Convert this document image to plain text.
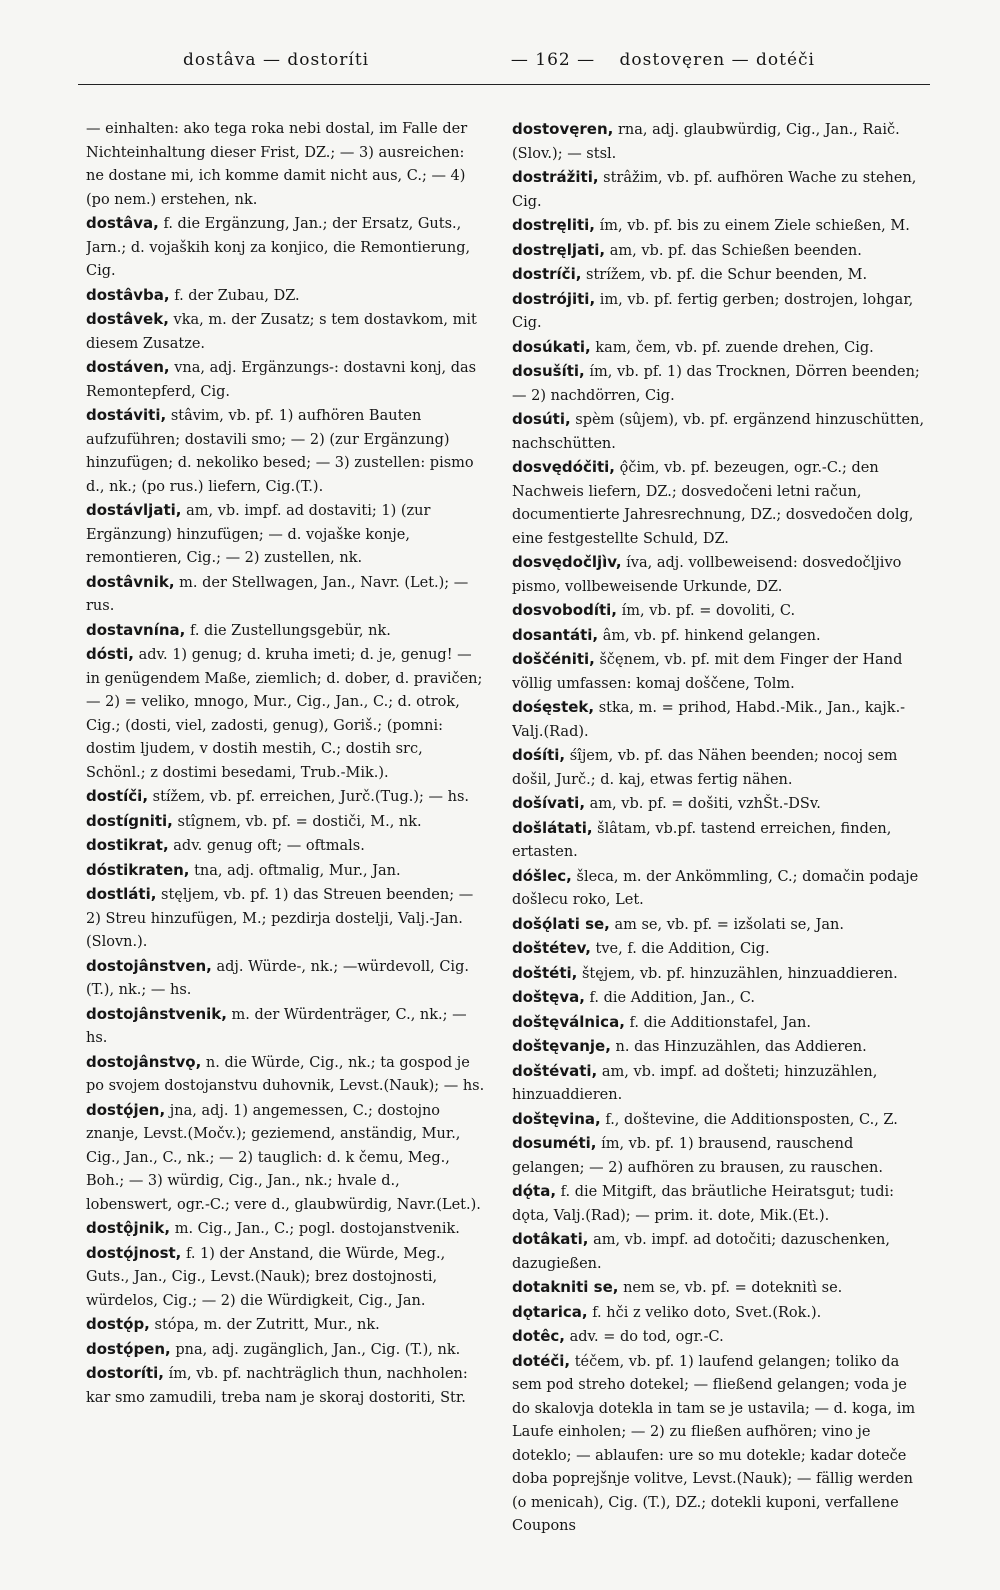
dostâva — dostoríti	— 162 —	dostovęren — dotéči

— einhalten: ako tega roka nebi dostal, im Falle der Nichteinhaltung dieser Frist, DZ.; — 3) ausreichen: ne dostane mi, ich komme damit nicht aus, C.; — 4) (po nem.) erstehen, nk.

dostâva, f. die Ergänzung, Jan.; der Ersatz, Guts., Jarn.; d. vojaških konj za konjico, die Remontierung, Cig.

dostâvba, f. der Zubau, DZ.

dostâvek, vka, m. der Zusatz; s tem dostavkom, mit diesem Zusatze.

dostáven, vna, adj. Ergänzungs-: dostavni konj, das Remontepferd, Cig.

dostáviti, stâvim, vb. pf. 1) aufhören Bauten aufzuführen; dostavili smo; — 2) (zur Ergänzung) hinzufügen; d. nekoliko besed; — 3) zustellen: pismo d., nk.; (po rus.) liefern, Cig.(T.).

dostávljati, am, vb. impf. ad dostaviti; 1) (zur Ergänzung) hinzufügen; — d. vojaške konje, remontieren, Cig.; — 2) zustellen, nk.

dostâvnik, m. der Stellwagen, Jan., Navr. (Let.); — rus.

dostavnína, f. die Zustellungsgebür, nk.

dósti, adv. 1) genug; d. kruha imeti; d. je, genug! — in genügendem Maße, ziemlich; d. dober, d. pravičen; — 2) = veliko, mnogo, Mur., Cig., Jan., C.; d. otrok, Cig.; (dosti, viel, zadosti, genug), Goriš.; (pomni: dostim ljudem, v dostih mestih, C.; dostih src, Schönl.; z dostimi besedami, Trub.-Mik.).

dostíči, stížem, vb. pf. erreichen, Jurč.(Tug.); — hs.

dostígniti, stîgnem, vb. pf. = dostiči, M., nk.

dostikrat, adv. genug oft; — oftmals.

dóstikraten, tna, adj. oftmalig, Mur., Jan.

dostláti, stęljem, vb. pf. 1) das Streuen beenden; — 2) Streu hinzufügen, M.; pezdirja dostelji, Valj.-Jan.(Slovn.).

dostojânstven, adj. Würde-, nk.; —würdevoll, Cig.(T.), nk.; — hs.

dostojânstvenik, m. der Würdenträger, C., nk.; — hs.

dostojânstvǫ, n. die Würde, Cig., nk.; ta gospod je po svojem dostojanstvu duhovnik, Levst.(Nauk); — hs.

dostǫ́jen, jna, adj. 1) angemessen, C.; dostojno znanje, Levst.(Močv.); geziemend, anständig, Mur., Cig., Jan., C., nk.; — 2) tauglich: d. k čemu, Meg., Boh.; — 3) würdig, Cig., Jan., nk.; hvale d., lobenswert, ogr.-C.; vere d., glaubwürdig, Navr.(Let.).

dostǫ̂jnik, m. Cig., Jan., C.; pogl. dostojanstvenik.

dostǫ́jnost, f. 1) der Anstand, die Würde, Meg., Guts., Jan., Cig., Levst.(Nauk); brez dostojnosti, würdelos, Cig.; — 2) die Würdigkeit, Cig., Jan.

dostǫ́p, stópa, m. der Zutritt, Mur., nk.

dostǫ́pen, pna, adj. zugänglich, Jan., Cig. (T.), nk.

dostoríti, ím, vb. pf. nachträglich thun, nachholen: kar smo zamudili, treba nam je skoraj dostoriti, Str.

dostovęren, rna, adj. glaubwürdig, Cig., Jan., Raič.(Slov.); — stsl.

dostrážiti, strâžim, vb. pf. aufhören Wache zu stehen, Cig.

dostręliti, ím, vb. pf. bis zu einem Ziele schießen, M.

dostręljati, am, vb. pf. das Schießen beenden.

dostríči, strížem, vb. pf. die Schur beenden, M.

dostrójiti, im, vb. pf. fertig gerben; dostrojen, lohgar, Cig.

dosúkati, kam, čem, vb. pf. zuende drehen, Cig.

dosušíti, ím, vb. pf. 1) das Trocknen, Dörren beenden; — 2) nachdörren, Cig.

dosúti, spèm (sûjem), vb. pf. ergänzend hinzuschütten, nachschütten.

dosvędóčiti, ǫ̂čim, vb. pf. bezeugen, ogr.-C.; den Nachweis liefern, DZ.; dosvedočeni letni račun, documentierte Jahresrechnung, DZ.; dosvedočen dolg, eine festgestellte Schuld, DZ.

dosvędočljìv, íva, adj. vollbeweisend: dosvedočljivo pismo, vollbeweisende Urkunde, DZ.

dosvobodíti, ím, vb. pf. = dovoliti, C.

dosantáti, âm, vb. pf. hinkend gelangen.

doščéniti, ščęnem, vb. pf. mit dem Finger der Hand völlig umfassen: komaj doščene, Tolm.

dośęstek, stka, m. = prihod, Habd.-Mik., Jan., kajk.-Valj.(Rad).

dośíti, śîjem, vb. pf. das Nähen beenden; nocoj sem došil, Jurč.; d. kaj, etwas fertig nähen.

došívati, am, vb. pf. = došiti, vzhŠt.-DSv.

došlátati, šlâtam, vb.pf. tastend erreichen, finden, ertasten.

dóšlec, šleca, m. der Ankömmling, C.; domačin podaje došlecu roko, Let.

došǫ́lati se, am se, vb. pf. = izšolati se, Jan.

doštétev, tve, f. die Addition, Cig.

doštéti, štęjem, vb. pf. hinzuzählen, hinzuaddieren.

doštęva, f. die Addition, Jan., C.

doštęválnica, f. die Additionstafel, Jan.

doštęvanje, n. das Hinzuzählen, das Addieren.

doštévati, am, vb. impf. ad došteti; hinzuzählen, hinzuaddieren.

doštęvina, f., doštevine, die Additionsposten, C., Z.

dosuméti, ím, vb. pf. 1) brausend, rauschend gelangen; — 2) aufhören zu brausen, zu rauschen.

dǫ́ta, f. die Mitgift, das bräutliche Heiratsgut; tudi: dǫta, Valj.(Rad); — prim. it. dote, Mik.(Et.).

dotâkati, am, vb. impf. ad dotočiti; dazuschenken, dazugießen.

dotakniti se, nem se, vb. pf. = doteknitì se.

dǫtarica, f. hči z veliko doto, Svet.(Rok.).

dotêc, adv. = do tod, ogr.-C.

dotéči, téčem, vb. pf. 1) laufend gelangen; toliko da sem pod streho dotekel; — fließend gelangen; voda je do skalovja dotekla in tam se je ustavila; — d. koga, im Laufe einholen; — 2) zu fließen aufhören; vino je doteklo; — ablaufen: ure so mu dotekle; kadar doteče doba poprejšnje volitve, Levst.(Nauk); — fällig werden (o menicah), Cig. (T.), DZ.; dotekli kuponi, verfallene Coupons
